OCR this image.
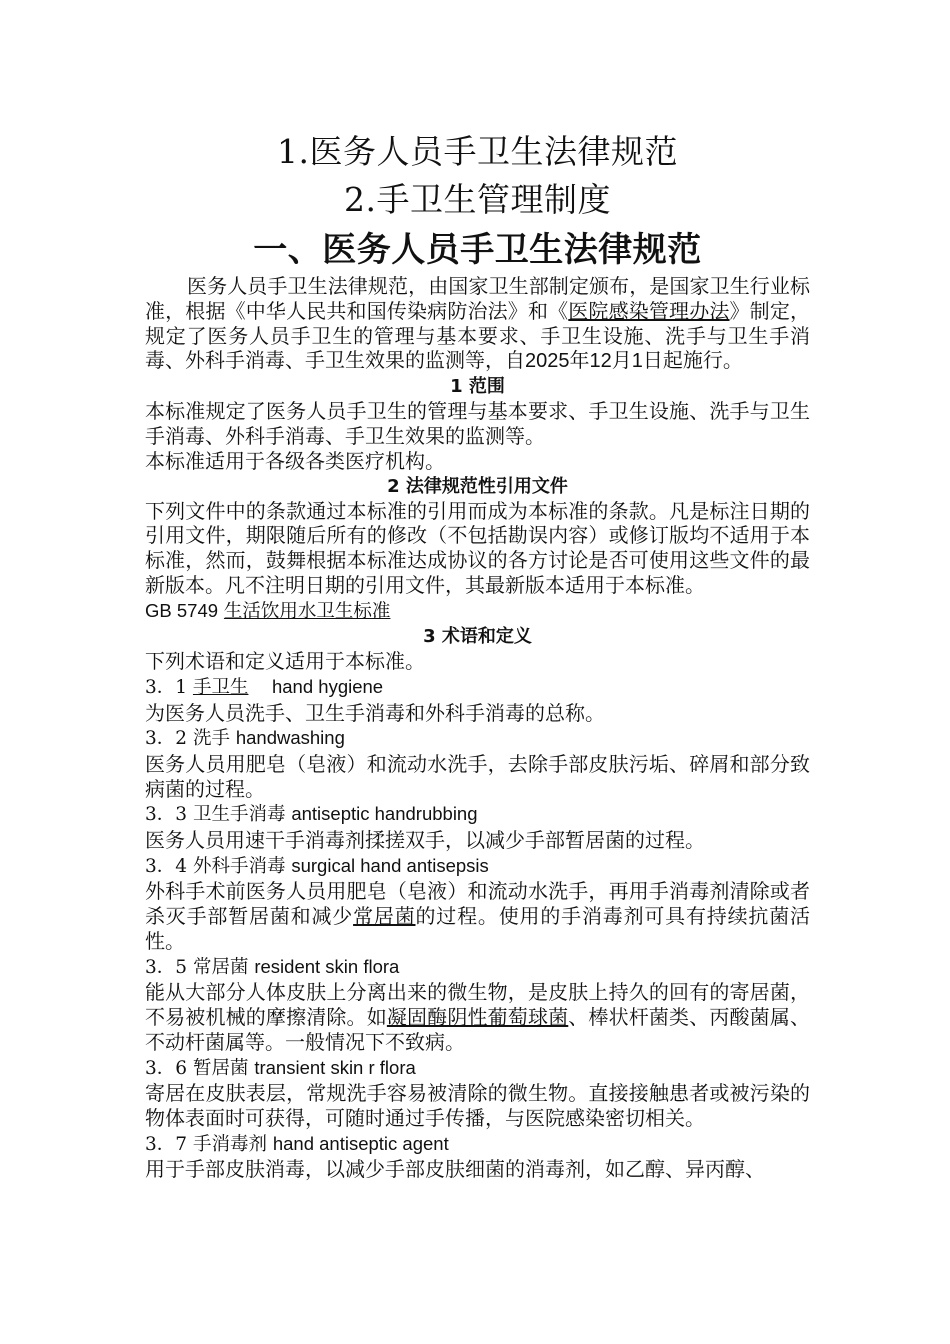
1.医务人员手卫生法律规范
2.手卫生管理制度
一、医务人员手卫生法律规范

医务人员手卫生法律规范，由国家卫生部制定颁布，是国家卫生行业标准，根据《中华人民共和国传染病防治法》和《医院感染管理办法》制定，规定了医务人员手卫生的管理与基本要求、手卫生设施、洗手与卫生手消毒、外科手消毒、手卫生效果的监测等，自2025年12月1日起施行。

1 范围

本标准规定了医务人员手卫生的管理与基本要求、手卫生设施、洗手与卫生手消毒、外科手消毒、手卫生效果的监测等。

本标准适用于各级各类医疗机构。

2 法律规范性引用文件

下列文件中的条款通过本标准的引用而成为本标准的条款。凡是标注日期的引用文件，期限随后所有的修改（不包括勘误内容）或修订版均不适用于本标准，然而，鼓舞根据本标准达成协议的各方讨论是否可使用这些文件的最新版本。凡不注明日期的引用文件，其最新版本适用于本标准。

GB 5749 生活饮用水卫生标准

3 术语和定义

下列术语和定义适用于本标准。

3．1 手卫生 hand hygiene

为医务人员洗手、卫生手消毒和外科手消毒的总称。

3．2 洗手 handwashing

医务人员用肥皂（皂液）和流动水洗手，去除手部皮肤污垢、碎屑和部分致病菌的过程。

3．3 卫生手消毒 antiseptic handrubbing

医务人员用速干手消毒剂揉搓双手，以减少手部暂居菌的过程。

3．4 外科手消毒 surgical hand antisepsis

外科手术前医务人员用肥皂（皂液）和流动水洗手，再用手消毒剂清除或者杀灭手部暂居菌和减少常居菌的过程。使用的手消毒剂可具有持续抗菌活性。

3．5 常居菌 resident skin flora

能从大部分人体皮肤上分离出来的微生物，是皮肤上持久的回有的寄居菌，不易被机械的摩擦清除。如凝固酶阴性葡萄球菌、棒状杆菌类、丙酸菌属、不动杆菌属等。一般情况下不致病。

3．6 暂居菌 transient skin r flora

寄居在皮肤表层，常规洗手容易被清除的微生物。直接接触患者或被污染的物体表面时可获得，可随时通过手传播，与医院感染密切相关。

3．7 手消毒剂 hand antiseptic agent

用于手部皮肤消毒，以减少手部皮肤细菌的消毒剂，如乙醇、异丙醇、
